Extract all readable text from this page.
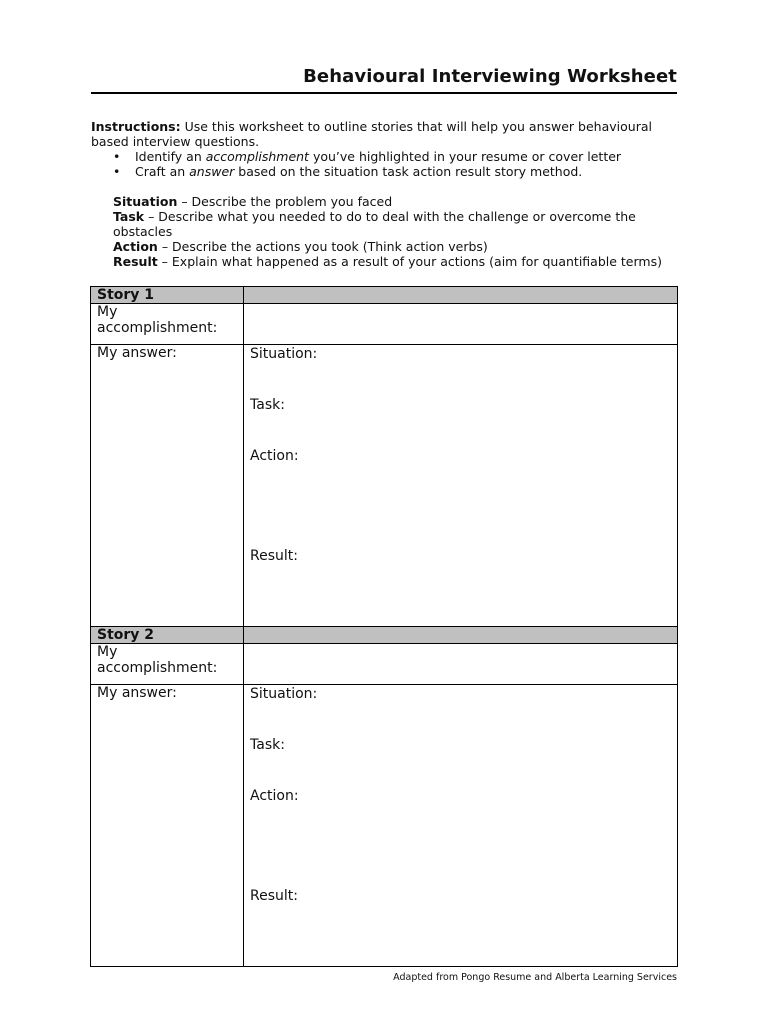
Behavioural Interviewing Worksheet
Instructions: Use this worksheet to outline stories that will help you answer behavioural based interview questions.
• Identify an accomplishment you’ve highlighted in your resume or cover letter
• Craft an answer based on the situation task action result story method.
Situation – Describe the problem you faced
Task – Describe what you needed to do to deal with the challenge or overcome the obstacles
Action – Describe the actions you took (Think action verbs)
Result – Explain what happened as a result of your actions (aim for quantifiable terms)
Story 1	
My accomplishment:	
My answer:	Situation:
Task:
Action:
Result:
Story 2	
My accomplishment:	
My answer:	Situation:
Task:
Action:
Result:
Adapted from Pongo Resume and Alberta Learning Services
